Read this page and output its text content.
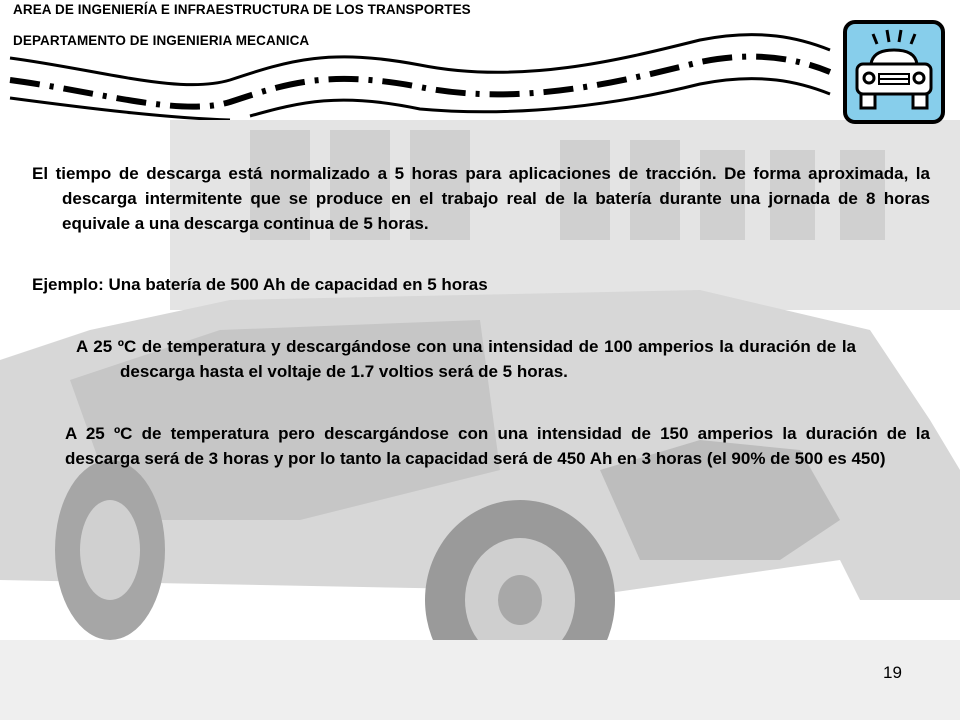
AREA DE INGENIERÍA E INFRAESTRUCTURA DE LOS TRANSPORTES

DEPARTAMENTO DE INGENIERIA MECANICA

El tiempo de descarga está normalizado a 5 horas para aplicaciones de tracción. De forma aproximada, la descarga intermitente que se produce en el trabajo real de la batería durante una jornada de 8 horas equivale a una descarga continua de 5 horas.

Ejemplo: Una batería de 500 Ah de capacidad en 5 horas

A 25 ºC de temperatura y descargándose con una intensidad de 100 amperios la duración de la descarga hasta el voltaje de 1.7 voltios será de 5 horas.

A 25 ºC de temperatura pero descargándose con una intensidad de 150 amperios la duración de la descarga será de 3 horas y por lo tanto la capacidad será de 450 Ah en 3 horas (el 90% de 500 es 450)

19
